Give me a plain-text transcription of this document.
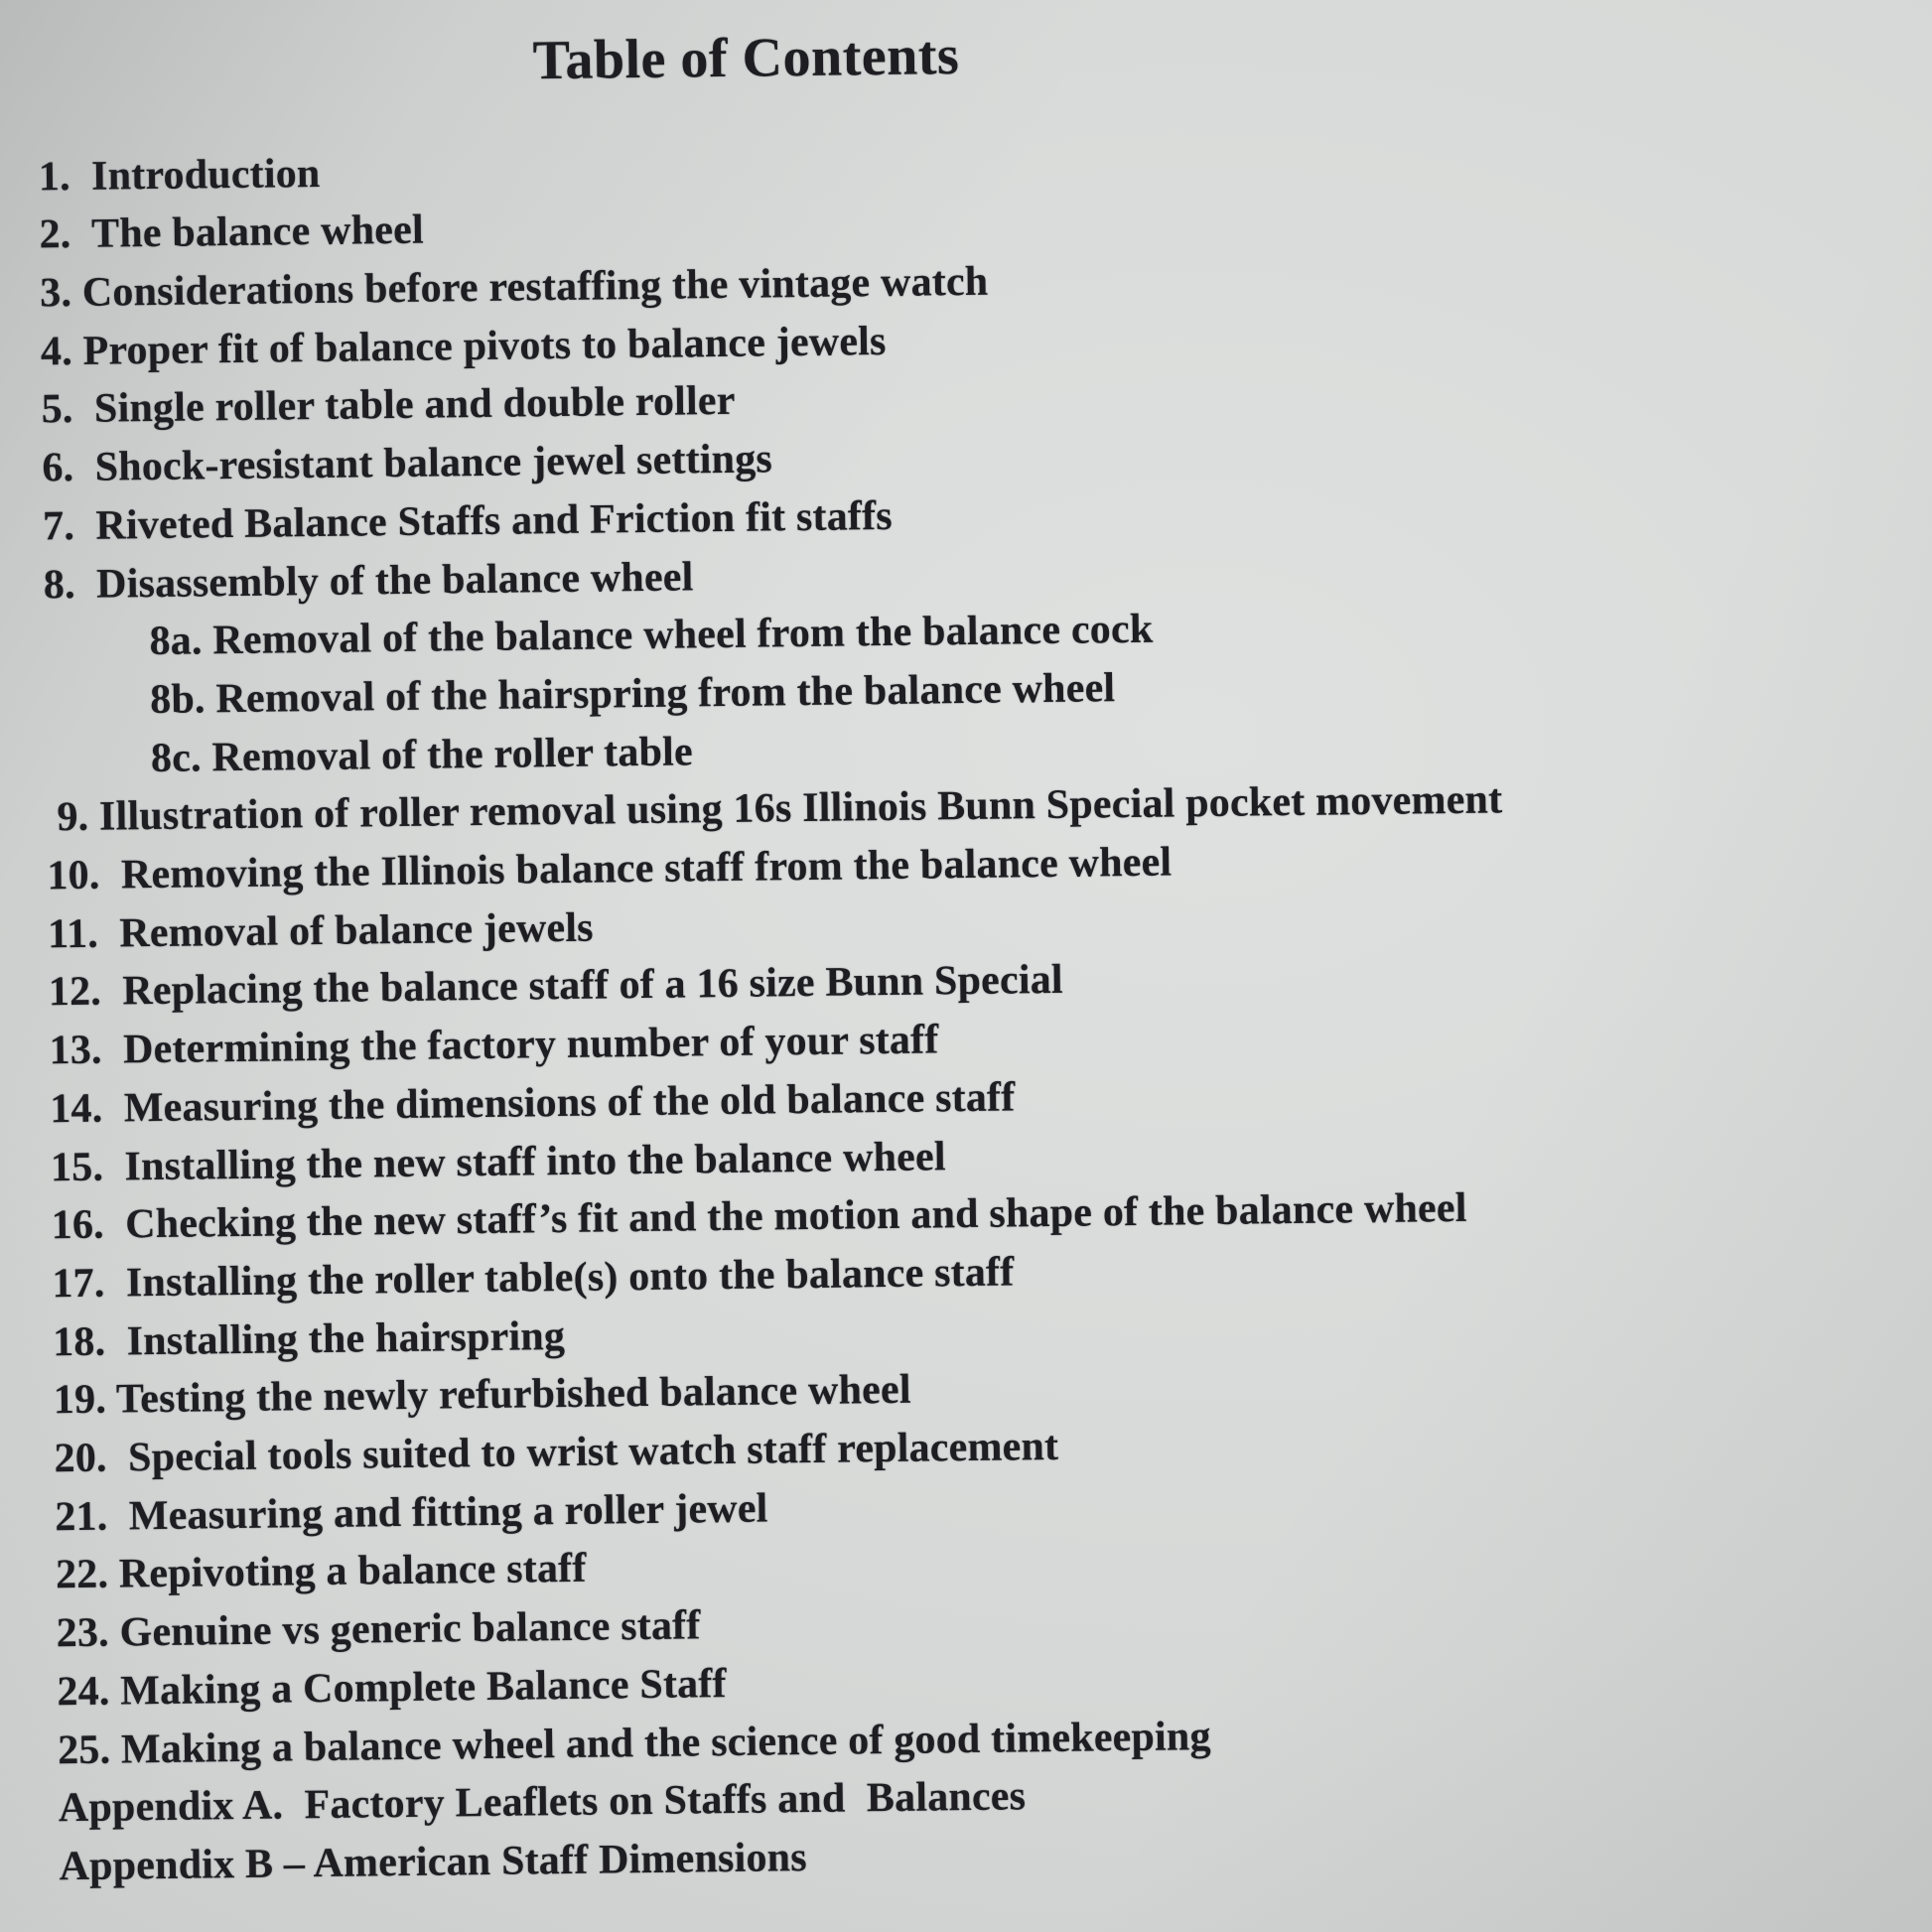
Table of Contents
1.  Introduction
2.  The balance wheel
3. Considerations before restaffing the vintage watch
4. Proper fit of balance pivots to balance jewels
5.  Single roller table and double roller
6.  Shock-resistant balance jewel settings
7.  Riveted Balance Staffs and Friction fit staffs
8.  Disassembly of the balance wheel
8a. Removal of the balance wheel from the balance cock
8b. Removal of the hairspring from the balance wheel
8c. Removal of the roller table
9. Illustration of roller removal using 16s Illinois Bunn Special pocket movement
10.  Removing the Illinois balance staff from the balance wheel
11.  Removal of balance jewels
12.  Replacing the balance staff of a 16 size Bunn Special
13.  Determining the factory number of your staff
14.  Measuring the dimensions of the old balance staff
15.  Installing the new staff into the balance wheel
16.  Checking the new staff’s fit and the motion and shape of the balance wheel
17.  Installing the roller table(s) onto the balance staff
18.  Installing the hairspring
19. Testing the newly refurbished balance wheel
20.  Special tools suited to wrist watch staff replacement
21.  Measuring and fitting a roller jewel
22. Repivoting a balance staff
23. Genuine vs generic balance staff
24. Making a Complete Balance Staff
25. Making a balance wheel and the science of good timekeeping
Appendix A.  Factory Leaflets on Staffs and  Balances
Appendix B – American Staff Dimensions
